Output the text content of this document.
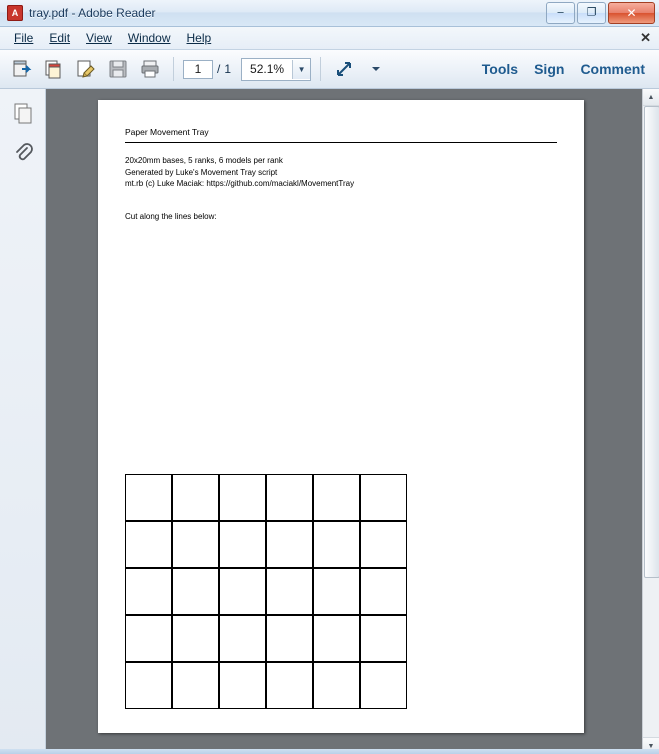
A tray.pdf - Adobe Reader	–	❐	✕
File	Edit	View	Window	Help	✕
1
/ 1	52.1%	▼	Tools Sign Comment
Paper Movement Tray
20x20mm bases, 5 ranks, 6 models per rank
Generated by Luke's Movement Tray script
mt.rb (c) Luke Maciak: https://github.com/maciakl/MovementTray
Cut along the lines below:
▲
▼
